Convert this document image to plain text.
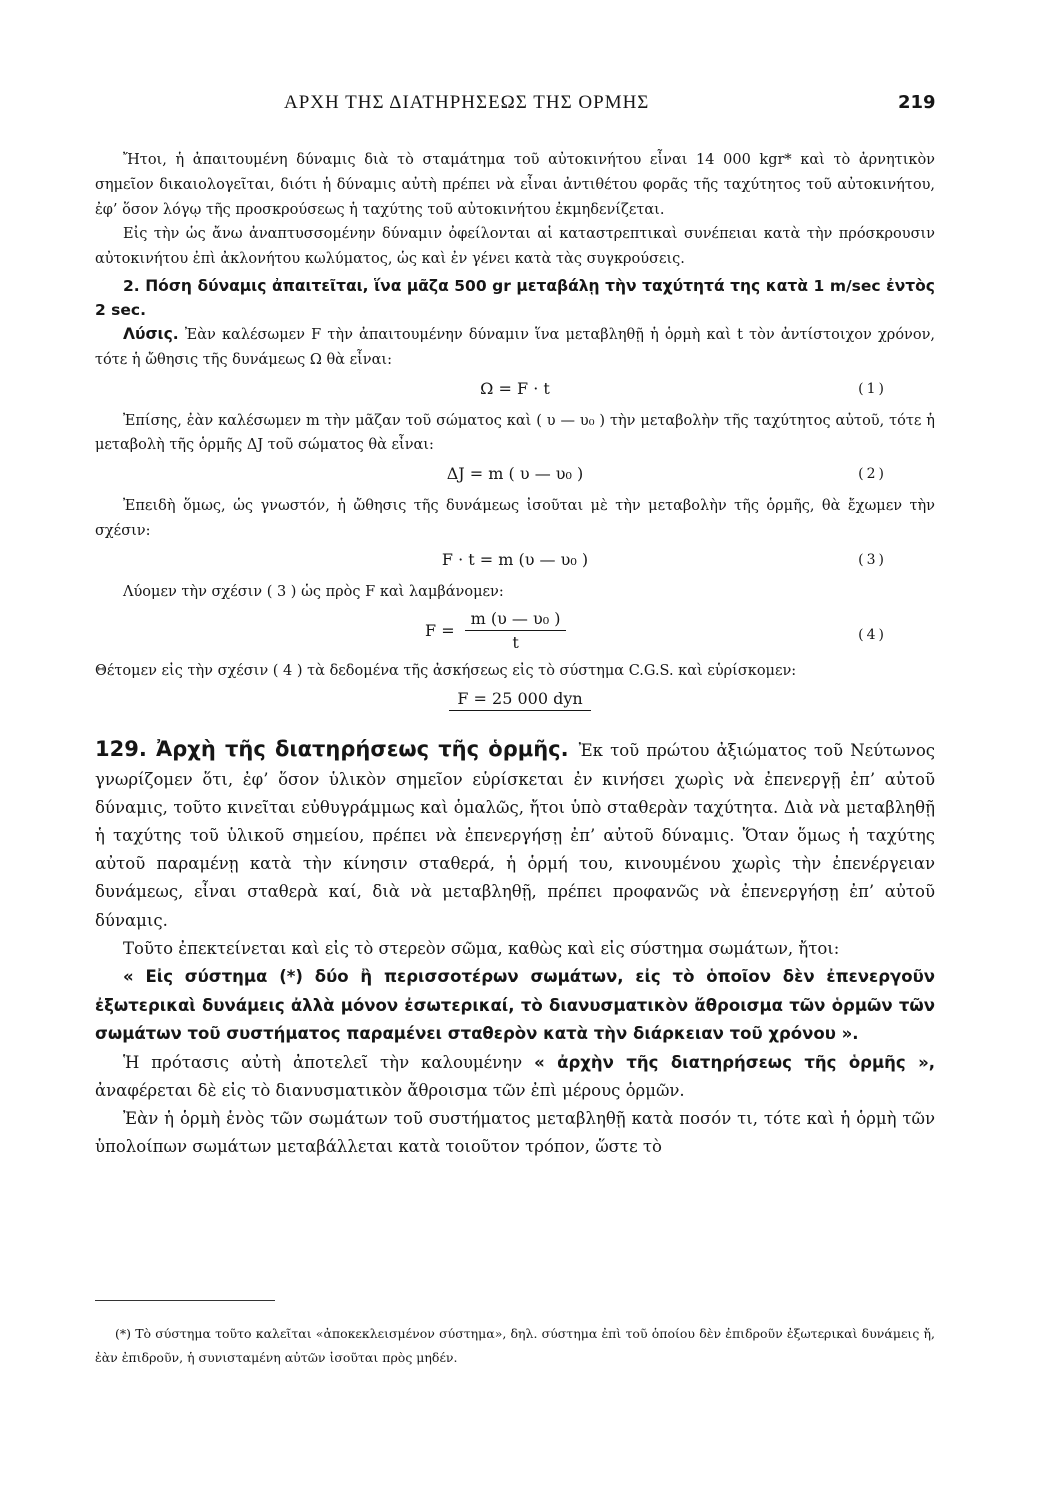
ΑΡΧΗ ΤΗΣ ΔΙΑΤΗΡΗΣΕΩΣ ΤΗΣ ΟΡΜΗΣ	219

Ἤτοι, ἡ ἀπαιτουμένη δύναμις διὰ τὸ σταμάτημα τοῦ αὐτοκινήτου εἶναι 14 000 kgr* καὶ τὸ ἀρνητικὸν σημεῖον δικαιολογεῖται, διότι ἡ δύναμις αὐτὴ πρέπει νὰ εἶναι ἀντιθέτου φορᾶς τῆς ταχύτητος τοῦ αὐτοκινήτου, ἐφ’ ὅσον λόγῳ τῆς προσκρούσεως ἡ ταχύτης τοῦ αὐτοκινήτου ἐκμηδενίζεται.

Εἰς τὴν ὡς ἄνω ἀναπτυσσομένην δύναμιν ὀφείλονται αἱ καταστρεπτικαὶ συνέπειαι κατὰ τὴν πρόσκρουσιν αὐτοκινήτου ἐπὶ ἀκλονήτου κωλύματος, ὡς καὶ ἐν γένει κατὰ τὰς συγκρούσεις.

2. Πόση δύναμις ἀπαιτεῖται, ἵνα μᾶζα 500 gr μεταβάλῃ τὴν ταχύτητά της κατὰ 1 m/sec ἐντὸς 2 sec.

Λύσις. Ἐὰν καλέσωμεν F τὴν ἀπαιτουμένην δύναμιν ἵνα μεταβληθῇ ἡ ὁρμὴ καὶ t τὸν ἀντίστοιχον χρόνον, τότε ἡ ὤθησις τῆς δυνάμεως Ω θὰ εἶναι:

Ω = F · t	(1)

Ἐπίσης, ἐὰν καλέσωμεν m τὴν μᾶζαν τοῦ σώματος καὶ ( υ — υ₀ ) τὴν μεταβολὴν τῆς ταχύτητος αὐτοῦ, τότε ἡ μεταβολὴ τῆς ὁρμῆς ΔJ τοῦ σώματος θὰ εἶναι:

ΔJ = m ( υ — υ₀ )	(2)

Ἐπειδὴ ὅμως, ὡς γνωστόν, ἡ ὤθησις τῆς δυνάμεως ἰσοῦται μὲ τὴν μεταβολὴν τῆς ὁρμῆς, θὰ ἔχωμεν τὴν σχέσιν:

F · t = m (υ — υ₀ )	(3)

Λύομεν τὴν σχέσιν ( 3 ) ὡς πρὸς F καὶ λαμβάνομεν:

$F = \frac{\text{m (υ — υ₀ )}}{t}$	(4)

Θέτομεν εἰς τὴν σχέσιν ( 4 ) τὰ δεδομένα τῆς ἀσκήσεως εἰς τὸ σύστημα C.G.S. καὶ εὑρίσκομεν:

F = 25 000 dyn

129. Ἀρχὴ τῆς διατηρήσεως τῆς ὁρμῆς. Ἐκ τοῦ πρώτου ἀξιώματος τοῦ Νεύτωνος γνωρίζομεν ὅτι, ἐφ’ ὅσον ὑλικὸν σημεῖον εὑρίσκεται ἐν κινήσει χωρὶς νὰ ἐπενεργῇ ἐπ’ αὐτοῦ δύναμις, τοῦτο κινεῖται εὐθυγράμμως καὶ ὁμαλῶς, ἤτοι ὑπὸ σταθερὰν ταχύτητα. Διὰ νὰ μεταβληθῇ ἡ ταχύτης τοῦ ὑλικοῦ σημείου, πρέπει νὰ ἐπενεργήσῃ ἐπ’ αὐτοῦ δύναμις. Ὅταν ὅμως ἡ ταχύτης αὐτοῦ παραμένῃ κατὰ τὴν κίνησιν σταθερά, ἡ ὁρμή του, κινουμένου χωρὶς τὴν ἐπενέργειαν δυνάμεως, εἶναι σταθερὰ καί, διὰ νὰ μεταβληθῇ, πρέπει προφανῶς νὰ ἐπενεργήσῃ ἐπ’ αὐτοῦ δύναμις.

Τοῦτο ἐπεκτείνεται καὶ εἰς τὸ στερεὸν σῶμα, καθὼς καὶ εἰς σύστημα σωμάτων, ἤτοι:

« Εἰς σύστημα (*) δύο ἢ περισσοτέρων σωμάτων, εἰς τὸ ὁποῖον δὲν ἐπενεργοῦν ἐξωτερικαὶ δυνάμεις ἀλλὰ μόνον ἐσωτερικαί, τὸ διανυσματικὸν ἄθροισμα τῶν ὁρμῶν τῶν σωμάτων τοῦ συστήματος παραμένει σταθερὸν κατὰ τὴν διάρκειαν τοῦ χρόνου ».

Ἡ πρότασις αὐτὴ ἀποτελεῖ τὴν καλουμένην « ἀρχὴν τῆς διατηρήσεως τῆς ὁρμῆς », ἀναφέρεται δὲ εἰς τὸ διανυσματικὸν ἄθροισμα τῶν ἐπὶ μέρους ὁρμῶν.

Ἐὰν ἡ ὁρμὴ ἑνὸς τῶν σωμάτων τοῦ συστήματος μεταβληθῇ κατὰ ποσόν τι, τότε καὶ ἡ ὁρμὴ τῶν ὑπολοίπων σωμάτων μεταβάλλεται κατὰ τοιοῦτον τρόπον, ὥστε τὸ

(*) Τὸ σύστημα τοῦτο καλεῖται «ἀποκεκλεισμένον σύστημα», δηλ. σύστημα ἐπὶ τοῦ ὁποίου δὲν ἐπιδροῦν ἐξωτερικαὶ δυνάμεις ἤ, ἐὰν ἐπιδροῦν, ἡ συνισταμένη αὐτῶν ἰσοῦται πρὸς μηδέν.
